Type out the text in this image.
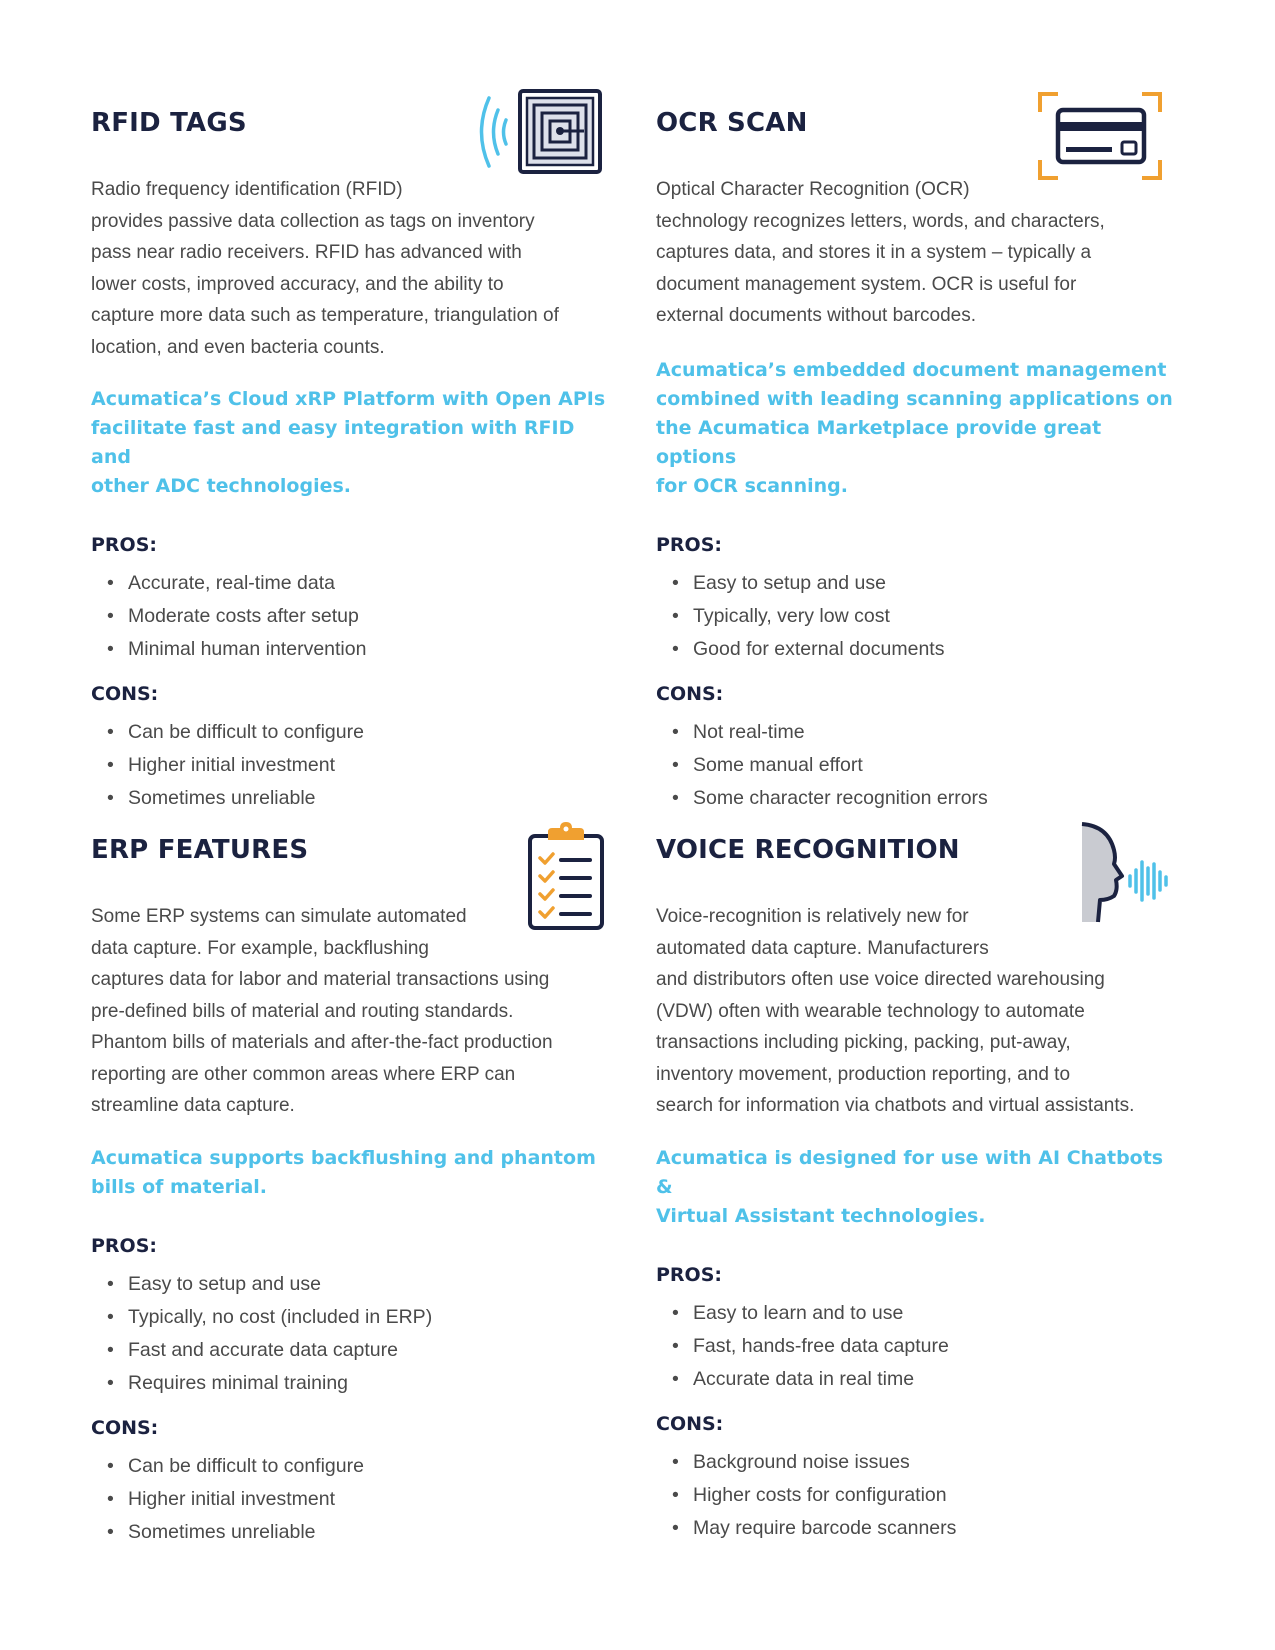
RFID TAGS

Radio frequency identification (RFID)
provides passive data collection as tags on inventory
pass near radio receivers. RFID has advanced with
lower costs, improved accuracy, and the ability to
capture more data such as temperature, triangulation of
location, and even bacteria counts.

Acumatica’s Cloud xRP Platform with Open APIs
facilitate fast and easy integration with RFID and
other ADC technologies.

PROS:
• Accurate, real-time data
• Moderate costs after setup
• Minimal human intervention
CONS:
• Can be difficult to configure
• Higher initial investment
• Sometimes unreliable
OCR SCAN

Optical Character Recognition (OCR)
technology recognizes letters, words, and characters,
captures data, and stores it in a system – typically a
document management system. OCR is useful for
external documents without barcodes.

Acumatica’s embedded document management
combined with leading scanning applications on
the Acumatica Marketplace provide great options
for OCR scanning.

PROS:
• Easy to setup and use
• Typically, very low cost
• Good for external documents
CONS:
• Not real-time
• Some manual effort
• Some character recognition errors
ERP FEATURES

Some ERP systems can simulate automated
data capture. For example, backflushing
captures data for labor and material transactions using
pre-defined bills of material and routing standards.
Phantom bills of materials and after-the-fact production
reporting are other common areas where ERP can
streamline data capture.

Acumatica supports backflushing and phantom
bills of material.

PROS:
• Easy to setup and use
• Typically, no cost (included in ERP)
• Fast and accurate data capture
• Requires minimal training
CONS:
• Can be difficult to configure
• Higher initial investment
• Sometimes unreliable
VOICE RECOGNITION

Voice-recognition is relatively new for
automated data capture. Manufacturers
and distributors often use voice directed warehousing
(VDW) often with wearable technology to automate
transactions including picking, packing, put-away,
inventory movement, production reporting, and to
search for information via chatbots and virtual assistants.

Acumatica is designed for use with AI Chatbots &
Virtual Assistant technologies.

PROS:
• Easy to learn and to use
• Fast, hands-free data capture
• Accurate data in real time
CONS:
• Background noise issues
• Higher costs for configuration
• May require barcode scanners
